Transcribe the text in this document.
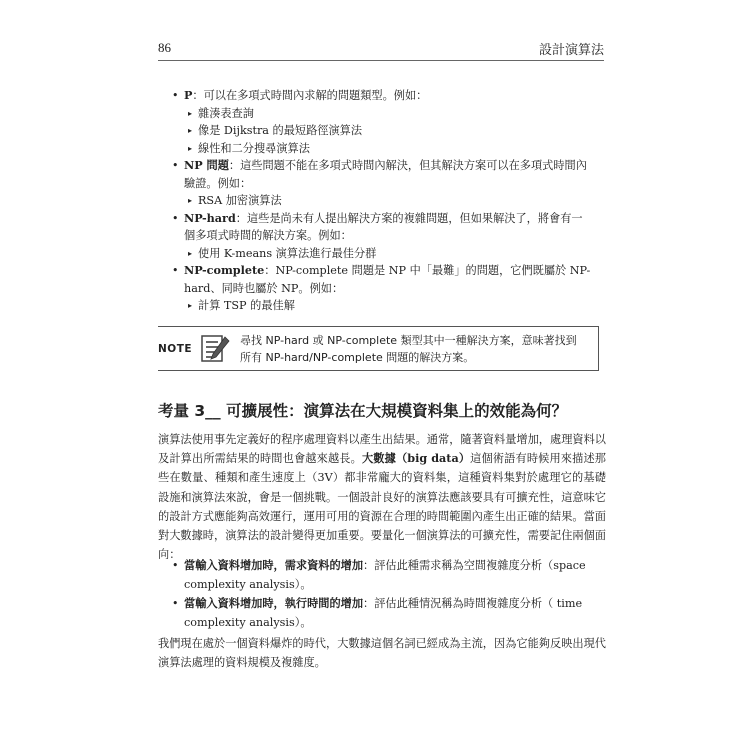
86	設計演算法
• P：可以在多項式時間內求解的問題類型。例如：
▸ 雜湊表查詢
▸ 像是 Dijkstra 的最短路徑演算法
▸ 線性和二分搜尋演算法
• NP 問題：這些問題不能在多項式時間內解決，但其解決方案可以在多項式時間內驗證。例如：
▸ RSA 加密演算法
• NP-hard：這些是尚未有人提出解決方案的複雜問題，但如果解決了，將會有一個多項式時間的解決方案。例如：
▸ 使用 K-means 演算法進行最佳分群
• NP-complete：NP-complete 問題是 NP 中「最難」的問題，它們既屬於 NP-hard、同時也屬於 NP。例如：
▸ 計算 TSP 的最佳解
NOTE
尋找 NP-hard 或 NP-complete 類型其中一種解決方案，意味著找到
所有 NP-hard/NP-complete 問題的解決方案。
考量 3__ 可擴展性：演算法在大規模資料集上的效能為何？
演算法使用事先定義好的程序處理資料以產生出結果。通常，隨著資料量增加，處理資料以及計算出所需結果的時間也會越來越長。大數據（big data）這個術語有時候用來描述那些在數量、種類和產生速度上（3V）都非常龐大的資料集，這種資料集對於處理它的基礎設施和演算法來說，會是一個挑戰。一個設計良好的演算法應該要具有可擴充性，這意味它的設計方式應能夠高效運行，運用可用的資源在合理的時間範圍內產生出正確的結果。當面對大數據時，演算法的設計變得更加重要。要量化一個演算法的可擴充性，需要記住兩個面向：
• 當輸入資料增加時，需求資料的增加：評估此種需求稱為空間複雜度分析（space complexity analysis）。
• 當輸入資料增加時，執行時間的增加：評估此種情況稱為時間複雜度分析（ time complexity analysis）。
我們現在處於一個資料爆炸的時代，大數據這個名詞已經成為主流，因為它能夠反映出現代演算法處理的資料規模及複雜度。
